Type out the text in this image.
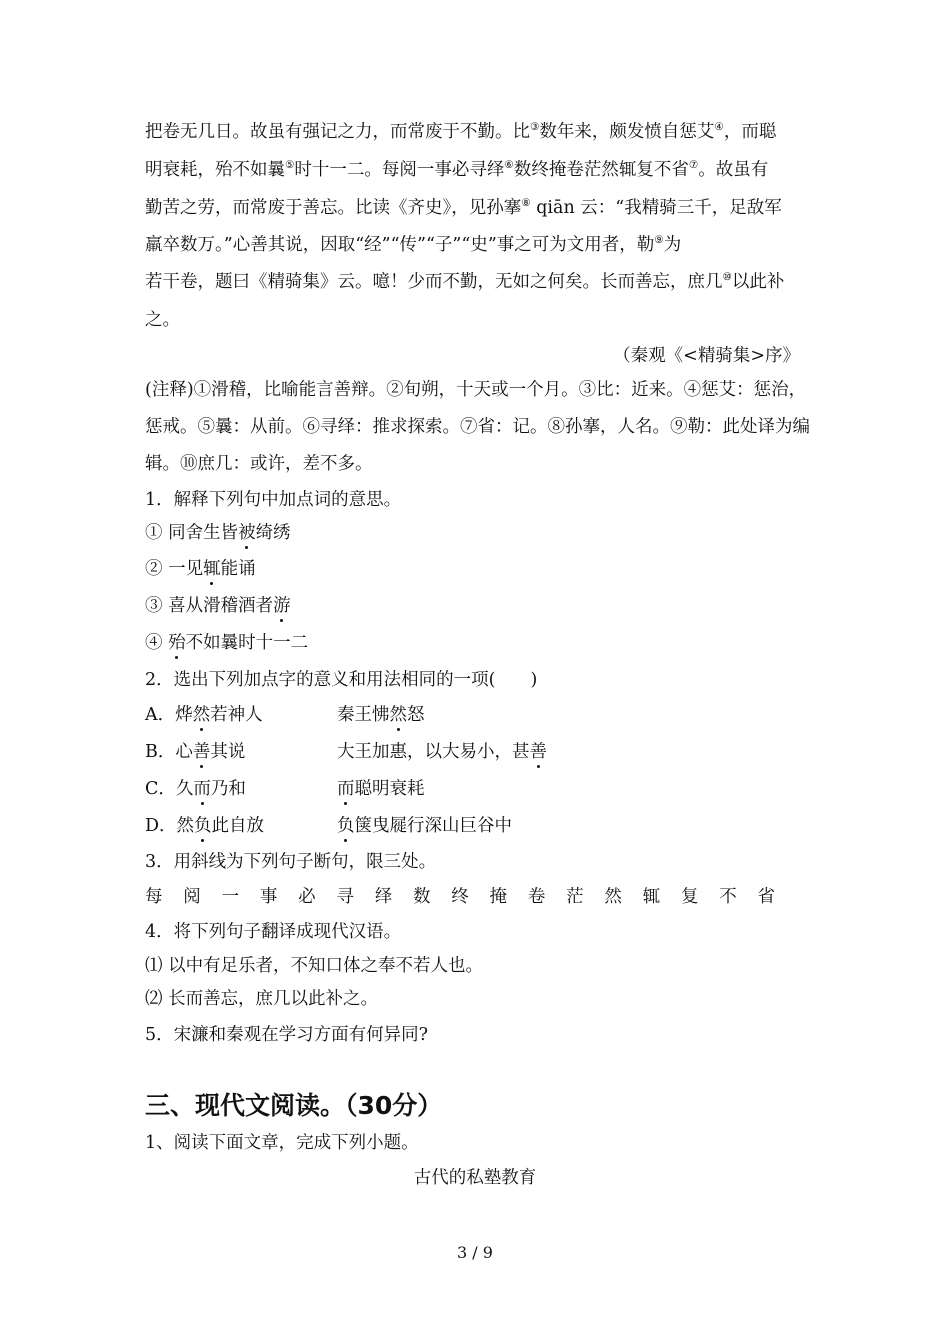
把卷无几日。故虽有强记之力，而常废于不勤。比③数年来，颇发愤自惩艾④，而聪
明衰耗，殆不如曩⑤时十一二。每阅一事必寻绎⑥数终掩卷茫然辄复不省⑦。故虽有
勤苦之劳，而常废于善忘。比读《齐史》，见孙搴⑧ qiān 云：“我精骑三千，足敌军
羸卒数万。”心善其说，因取“经”“传”“子”“史”事之可为文用者，勒⑨为
若干卷，题曰《精骑集》云。噫！少而不勤，无如之何矣。长而善忘，庶几⑩以此补
之。
（秦观《<精骑集>序》
(注释)①滑稽，比喻能言善辩。②旬朔，十天或一个月。③比：近来。④惩艾：惩治，
惩戒。⑤曩：从前。⑥寻绎：推求探索。⑦省：记。⑧孙搴，人名。⑨勒：此处译为编
辑。⑩庶几：或许，差不多。
1．解释下列句中加点词的意思。
① 同舍生皆被绮绣
② 一见辄能诵
③ 喜从滑稽酒者游
④ 殆不如曩时十一二
2．选出下列加点字的意义和用法相同的一项(　　)
A．烨然若神人	秦王怫然怒
B．心善其说	大王加惠，以大易小，甚善
C．久而乃和	而聪明衰耗
D．然负此自放	负箧曳屣行深山巨谷中
3．用斜线为下列句子断句，限三处。
每 阅 一 事 必 寻 绎 数 终 掩 卷 茫 然 辄 复 不 省
4．将下列句子翻译成现代汉语。
⑴ 以中有足乐者，不知口体之奉不若人也。
⑵ 长而善忘，庶几以此补之。
5．宋濂和秦观在学习方面有何异同?
三、现代文阅读。（30分）
1、阅读下面文章，完成下列小题。
古代的私塾教育
3 / 9
